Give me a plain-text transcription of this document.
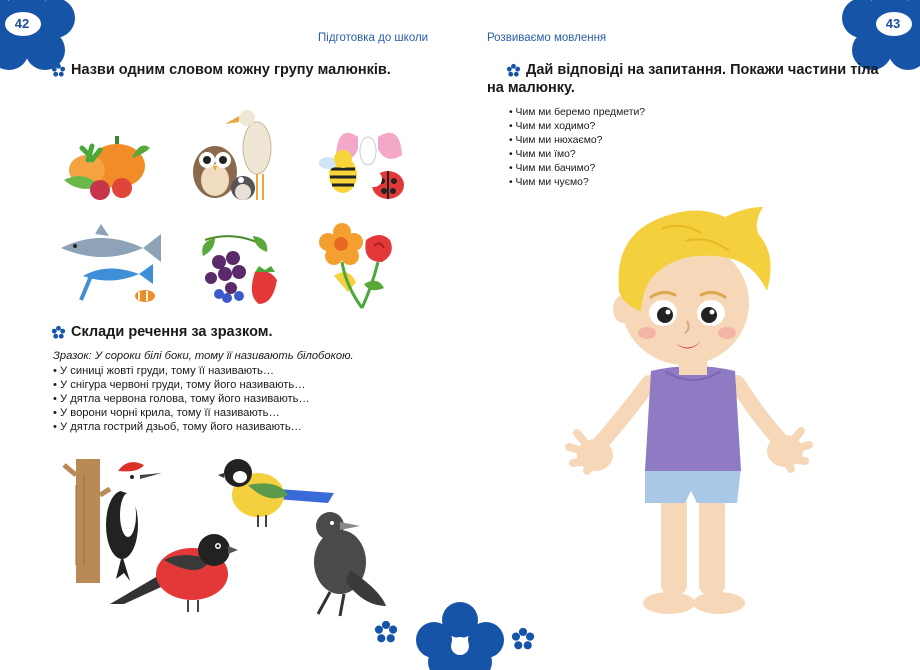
42
Підготовка до школи
Назви одним словом кожну групу малюнків.
Склади речення за зразком.
Зразок: У сороки білі боки, тому її називають білобокою.
• У синиці жовті груди, тому її називають…
• У снігура червоні груди, тому його називають…
• У дятла червона голова, тому його називають…
• У ворони чорні крила, тому її називають…
• У дятла гострий дзьоб, тому його називають…
43
Розвиваємо мовлення
Дай відповіді на запитання. Покажи частини тіла
на малюнку.
• Чим ми беремо предмети?
• Чим ми ходимо?
• Чим ми нюхаємо?
• Чим ми їмо?
• Чим ми бачимо?
• Чим ми чуємо?
